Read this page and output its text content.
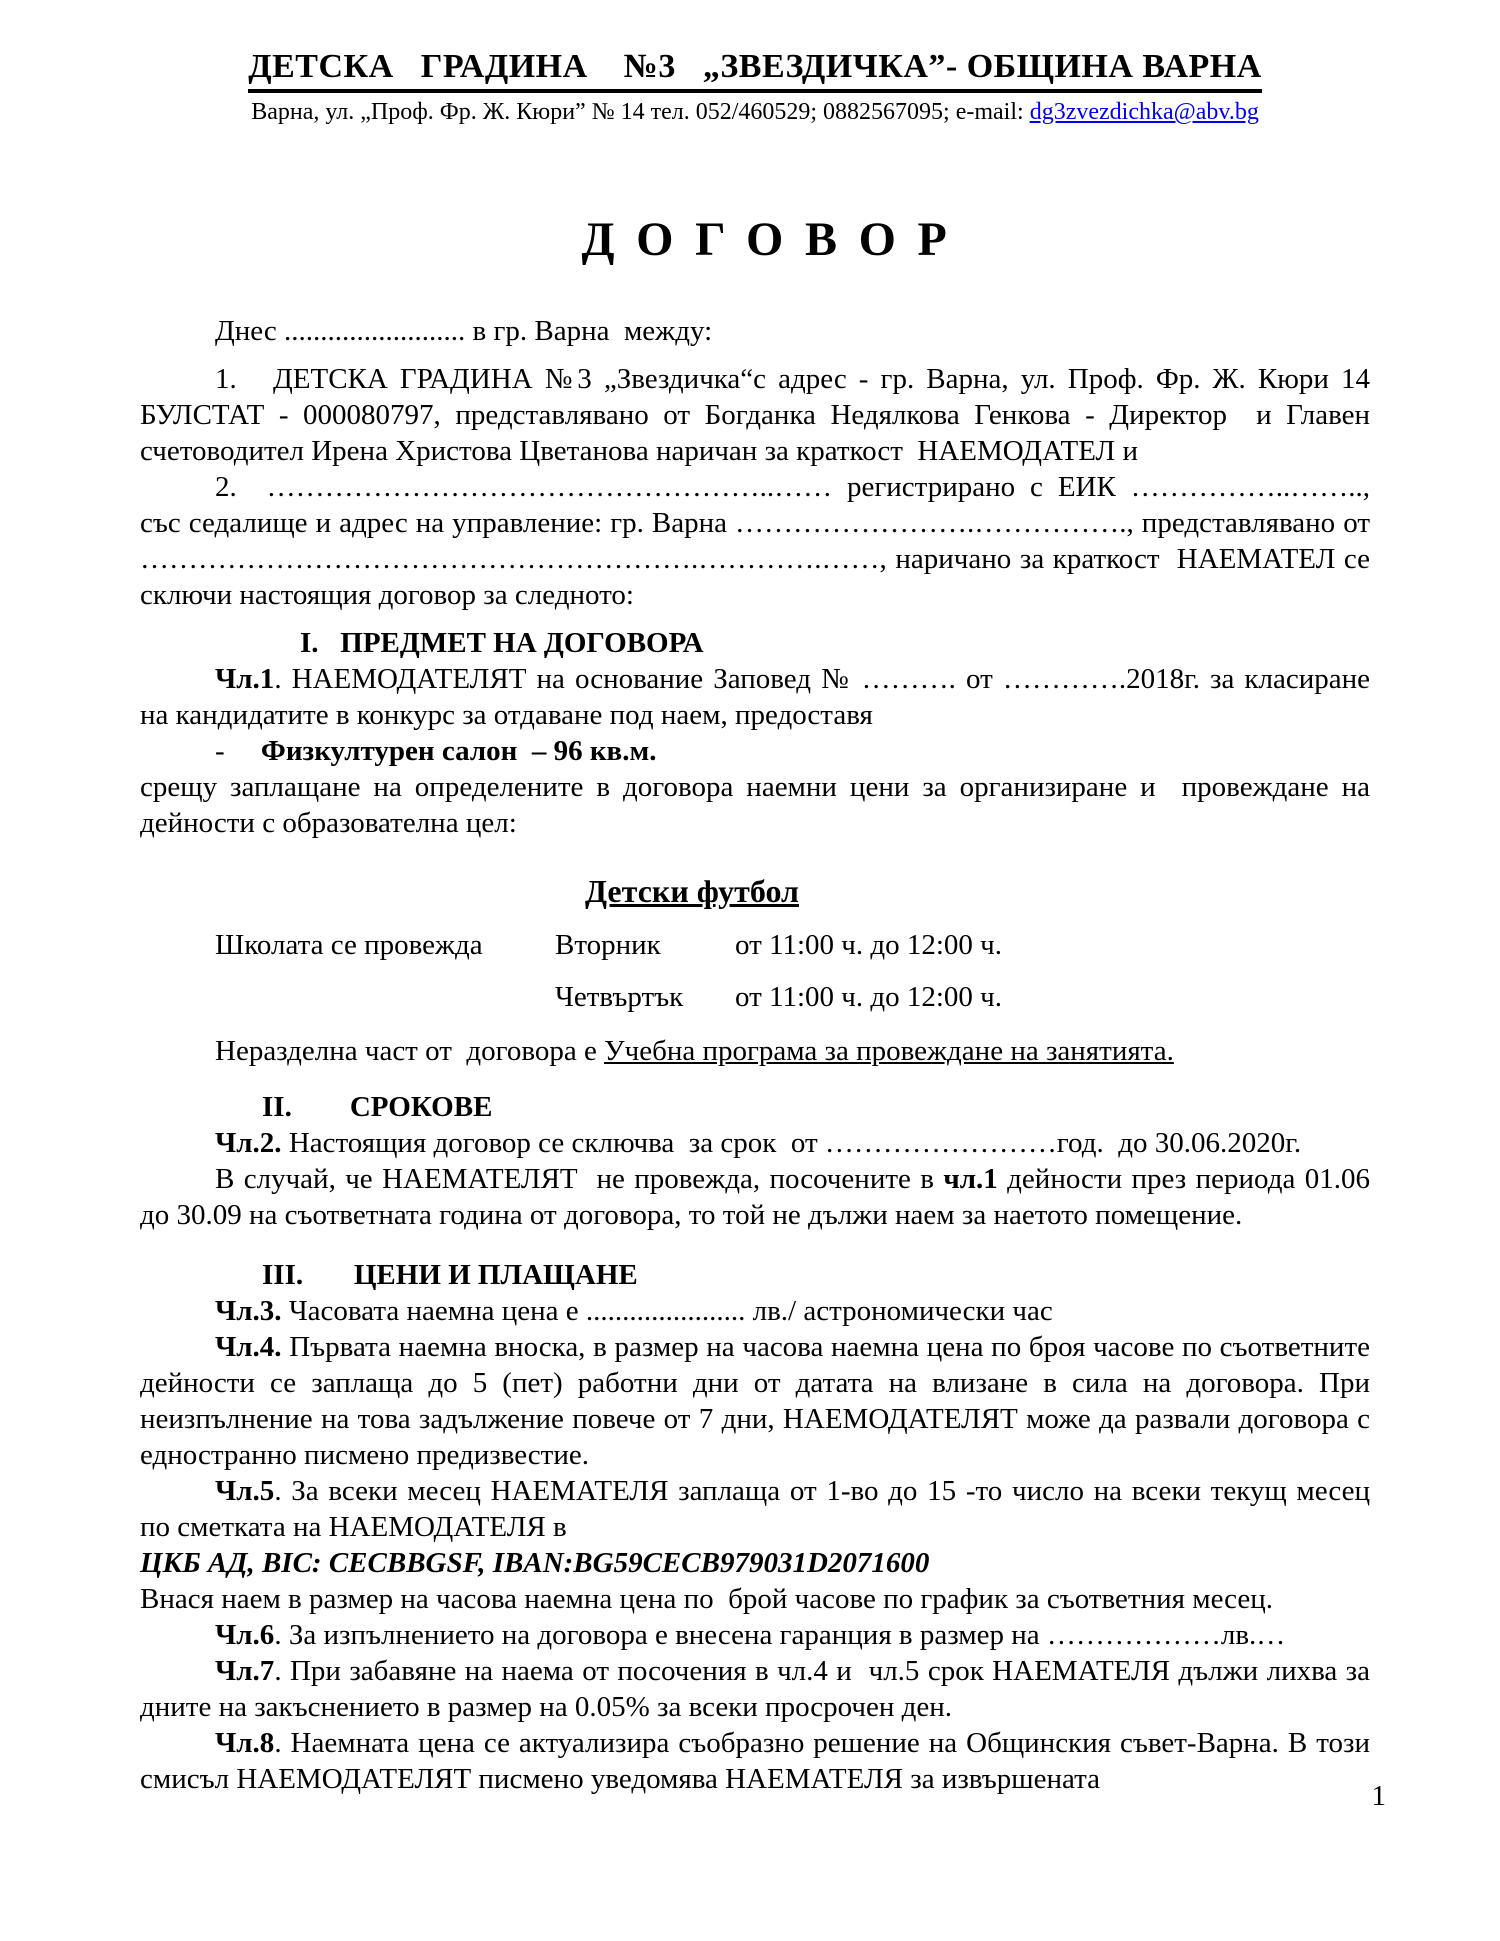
ДЕТСКА   ГРАДИНА    №3   „ЗВЕЗДИЧКА”- ОБЩИНА ВАРНА
Варна, ул. „Проф. Фр. Ж. Кюри” № 14 тел. 052/460529; 0882567095; e-mail: dg3zvezdichka@abv.bg
ДОГОВОР

Днес ......................... в гр. Варна  между:

1.   ДЕТСКА ГРАДИНА №3 „Звездичка“с адрес - гр. Варна, ул. Проф. Фр. Ж. Кюри 14 БУЛСТАТ - 000080797, представлявано от Богданка Недялкова Генкова - Директор  и Главен счетоводител Ирена Христова Цветанова наричан за краткост  НАЕМОДАТЕЛ и

2.  ……………………………………………..…… регистрирано с ЕИК ……………..…….., със седалище и адрес на управление: гр. Варна …………………….……………., представлявано от ………………………………………………….………….……, наричано за краткост  НАЕМАТЕЛ се сключи настоящия договор за следното:

I.   ПРЕДМЕТ НА ДОГОВОРА

Чл.1. НАЕМОДАТЕЛЯТ на основание Заповед № ………. от ………….2018г. за класиране на кандидатите в конкурс за отдаване под наем, предоставя

-     Физкултурен салон  – 96 кв.м.

срещу заплащане на определените в договора наемни цени за организиране и  провеждане на дейности с образователна цел:

Детски футбол

Школата се провежда Вторник	от 11:00 ч. до 12:00 ч.

Четвъртък от 11:00 ч. до 12:00 ч.

Неразделна част от  договора е Учебна програма за провеждане на занятията.

II.        СРОКОВЕ

Чл.2. Настоящия договор се сключва  за срок  от ……………………год.  до 30.06.2020г.

В случай, че НАЕМАТЕЛЯТ  не провежда, посочените в чл.1 дейности през периода 01.06 до 30.09 на съответната година от договора, то той не дължи наем за наетото помещение.

III.       ЦЕНИ И ПЛАЩАНЕ

Чл.3. Часовата наемна цена е ...................... лв./ астрономически час

Чл.4. Първата наемна вноска, в размер на часова наемна цена по броя часове по съответните дейности се заплаща до 5 (пет) работни дни от датата на влизане в сила на договора. При неизпълнение на това задължение повече от 7 дни, НАЕМОДАТЕЛЯТ може да развали договора с едностранно писмено предизвестие.

Чл.5. За всеки месец НАЕМАТЕЛЯ заплаща от 1-во до 15 -то число на всеки текущ месец по сметката на НАЕМОДАТЕЛЯ в

ЦКБ АД, BIC: CECBBGSF, IBAN:BG59CECB979031D2071600

Внася наем в размер на часова наемна цена по  брой часове по график за съответния месец.

Чл.6. За изпълнението на договора е внесена гаранция в размер на ………………лв.…

Чл.7. При забавяне на наема от посочения в чл.4 и  чл.5 срок НАЕМАТЕЛЯ дължи лихва за дните на закъснението в размер на 0.05% за всеки просрочен ден.

Чл.8. Наемната цена се актуализира съобразно решение на Общинския съвет-Варна. В този смисъл НАЕМОДАТЕЛЯТ писмено уведомява НАЕМАТЕЛЯ за извършената

1
